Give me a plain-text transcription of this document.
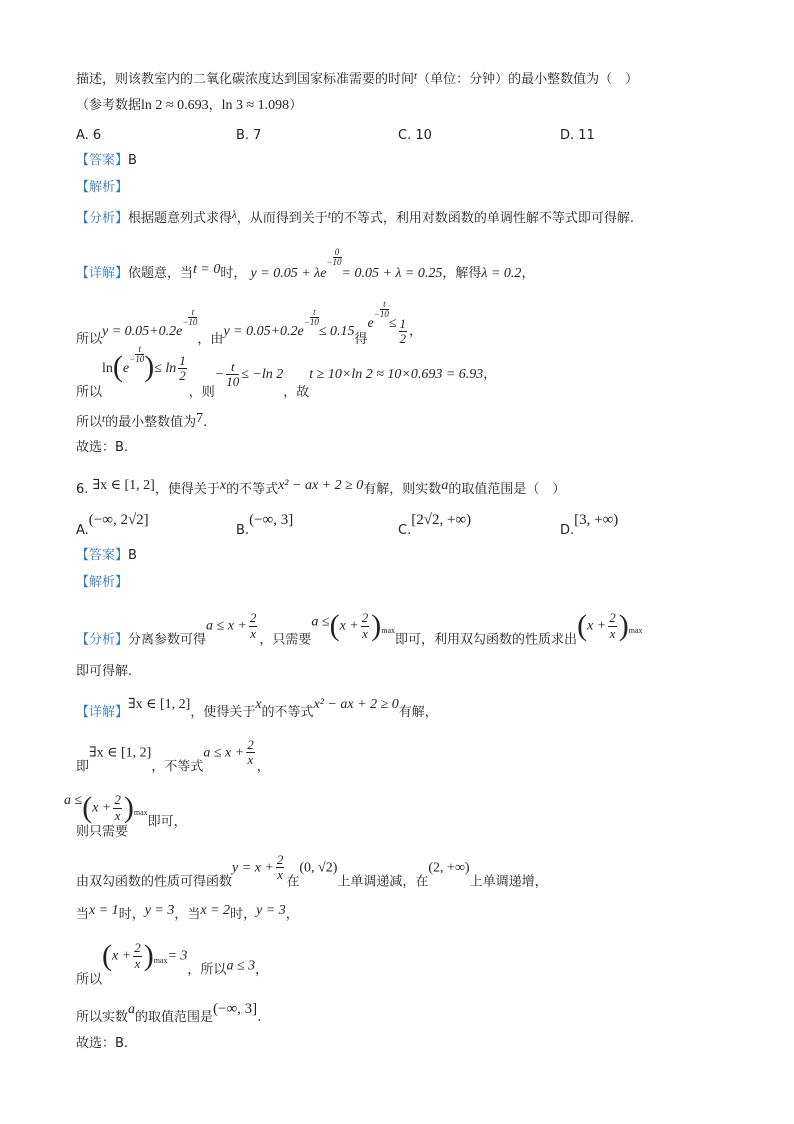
描述，则该教室内的二氧化碳浓度达到国家标准需要的时间$^t$（单位：分钟）的最小整数值为（　）
（参考数据ln 2 ≈ 0.693，ln 3 ≈ 1.098）
A. 6	B. 7	C. 10	D. 11
【答案】B
【解析】
【分析】根据题意列式求得$^\lambda$，从而得到关于$^t$的不等式，利用对数函数的单调性解不等式即可得解.
【详解】依题意，当t = 0时， $y = 0.05 + \lambda e^{- \frac{0}{10}}$
= 0.05 + λ = 0.25，解得λ = 0.2，
所以$y = 0.05+0.2e^{- \frac{t}{10}}$
，由$y = 0.05+0.2e^{- \frac{t}{10}}$
≤ 0.15得$e^{- \frac{t}{10}}$
≤ $\frac{1}{2}$ ，
所以$\ln(e^{- \frac{t}{10}}$ )≤ $\ln \frac{1}{2}$
，则− $\frac{t}{10} \le -\ln$ 2，故t ≥ 10×ln 2 ≈ 10×0.693 = 6.93，
所以$^t$的最小整数值为7.
故选：B.
6. ∃x ∈ [1, 2]，使得关于x的不等式x² − ax + 2 ≥ 0有解，则实数a的取值范围是（　）
A.(−∞, 2√2]
B.(−∞, 3]
C.[2√2, +∞)
D.[3, +∞)
【答案】B
【解析】
【分析】分离参数可得$a \le x + \frac{2}{x}$ ，只需要$a \le(x + \frac{2}{x} )_{max}$即可，利用双勾函数的性质求出$(x + \frac{2}{x} )_{max}$
即可得解.
【详解】∃x ∈ [1, 2]，使得关于x的不等式x² − ax + 2 ≥ 0有解，
即∃x ∈ [1, 2]，不等式$a \le x + \frac{2}{x}$ ，
则只需要$a \le(x + \frac{2}{x} )_{max}$即可，
由双勾函数的性质可得函数$y = x + \frac{2}{x}$ 在(0, √2)上单调递减，在(2, +∞)上单调递增，
当x = 1时，y = 3，当x = 2时，y = 3，
所以$(x + \frac{2}{x} )_{max}= 3$，所以a ≤ 3，
所以实数a的取值范围是(−∞, 3].
故选：B.
